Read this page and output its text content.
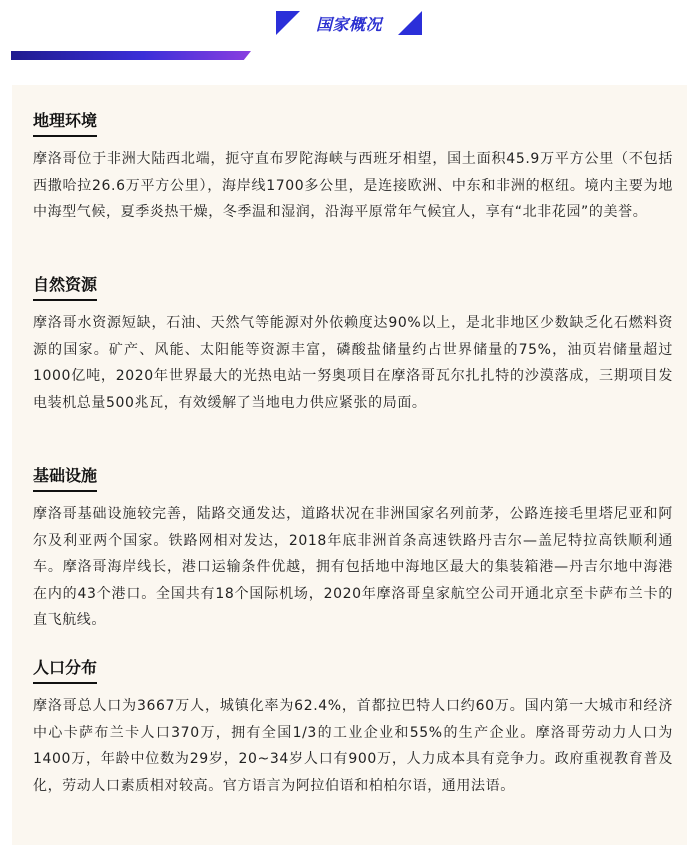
国家概况
地理环境
摩洛哥位于非洲大陆西北端，扼守直布罗陀海峡与西班牙相望，国土面积45.9万平方公里（不包括西撒哈拉26.6万平方公里），海岸线1700多公里，是连接欧洲、中东和非洲的枢纽。境内主要为地中海型气候，夏季炎热干燥，冬季温和湿润，沿海平原常年气候宜人，享有“北非花园”的美誉。
自然资源
摩洛哥水资源短缺，石油、天然气等能源对外依赖度达90%以上，是北非地区少数缺乏化石燃料资源的国家。矿产、风能、太阳能等资源丰富，磷酸盐储量约占世界储量的75%，油页岩储量超过1000亿吨，2020年世界最大的光热电站一努奥项目在摩洛哥瓦尔扎扎特的沙漠落成，三期项目发电装机总量500兆瓦，有效缓解了当地电力供应紧张的局面。
基础设施
摩洛哥基础设施较完善，陆路交通发达，道路状况在非洲国家名列前茅，公路连接毛里塔尼亚和阿尔及利亚两个国家。铁路网相对发达，2018年底非洲首条高速铁路丹吉尔—盖尼特拉高铁顺利通车。摩洛哥海岸线长，港口运输条件优越，拥有包括地中海地区最大的集装箱港—丹吉尔地中海港在内的43个港口。全国共有18个国际机场，2020年摩洛哥皇家航空公司开通北京至卡萨布兰卡的直飞航线。
人口分布
摩洛哥总人口为3667万人，城镇化率为62.4%，首都拉巴特人口约60万。国内第一大城市和经济中心卡萨布兰卡人口370万，拥有全国1/3的工业企业和55%的生产企业。摩洛哥劳动力人口为1400万，年龄中位数为29岁，20~34岁人口有900万，人力成本具有竞争力。政府重视教育普及化，劳动人口素质相对较高。官方语言为阿拉伯语和柏柏尔语，通用法语。
